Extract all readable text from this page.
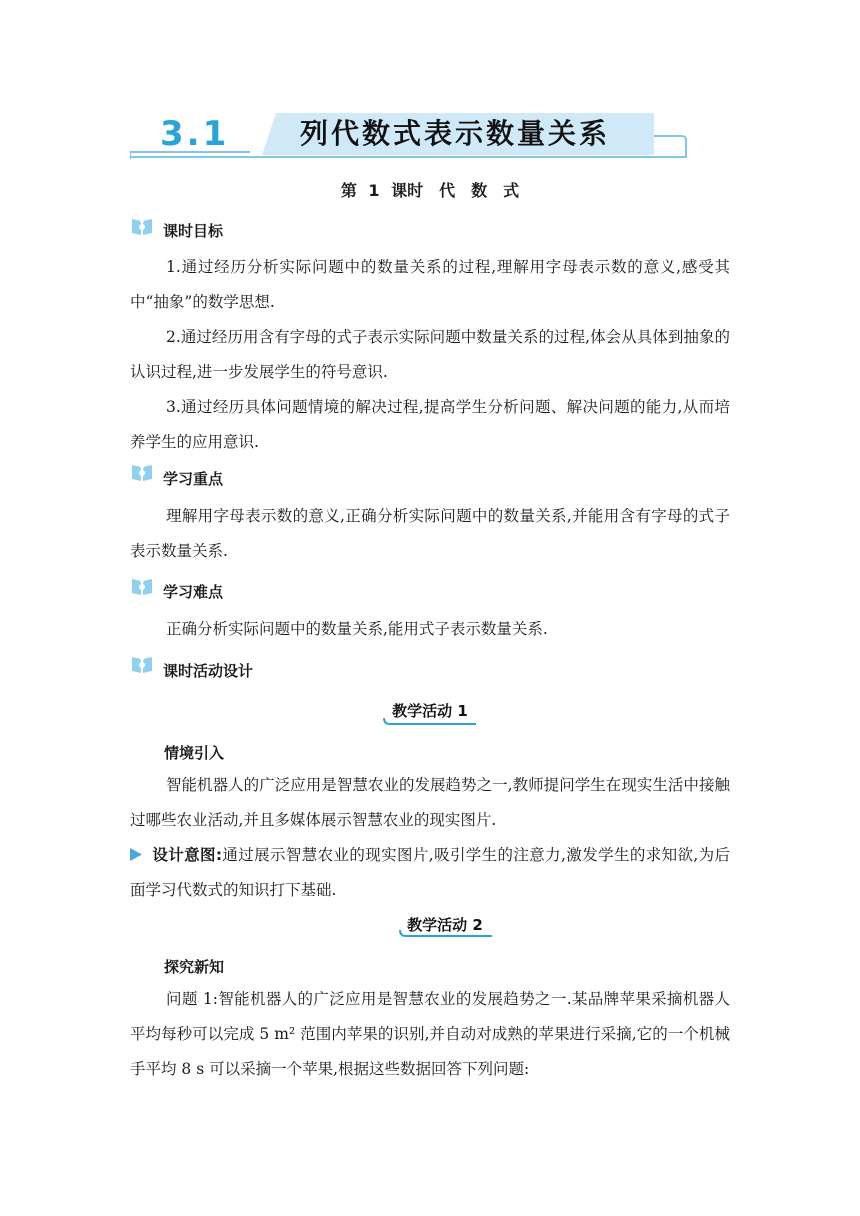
3.1	列代数式表示数量关系
第 1 课时　代　数　式
课时目标

1.通过经历分析实际问题中的数量关系的过程,理解用字母表示数的意义,感受其中“抽象”的数学思想.

2.通过经历用含有字母的式子表示实际问题中数量关系的过程,体会从具体到抽象的认识过程,进一步发展学生的符号意识.

3.通过经历具体问题情境的解决过程,提高学生分析问题、解决问题的能力,从而培养学生的应用意识.

学习重点

理解用字母表示数的意义,正确分析实际问题中的数量关系,并能用含有字母的式子表示数量关系.

学习难点

正确分析实际问题中的数量关系,能用式子表示数量关系.

课时活动设计
教学活动 1
情境引入

智能机器人的广泛应用是智慧农业的发展趋势之一,教师提问学生在现实生活中接触过哪些农业活动,并且多媒体展示智慧农业的现实图片.

设计意图:通过展示智慧农业的现实图片,吸引学生的注意力,激发学生的求知欲,为后面学习代数式的知识打下基础.

教学活动 2
探究新知

问题 1:智能机器人的广泛应用是智慧农业的发展趋势之一.某品牌苹果采摘机器人平均每秒可以完成 5 m² 范围内苹果的识别,并自动对成熟的苹果进行采摘,它的一个机械手平均 8 s 可以采摘一个苹果,根据这些数据回答下列问题:
